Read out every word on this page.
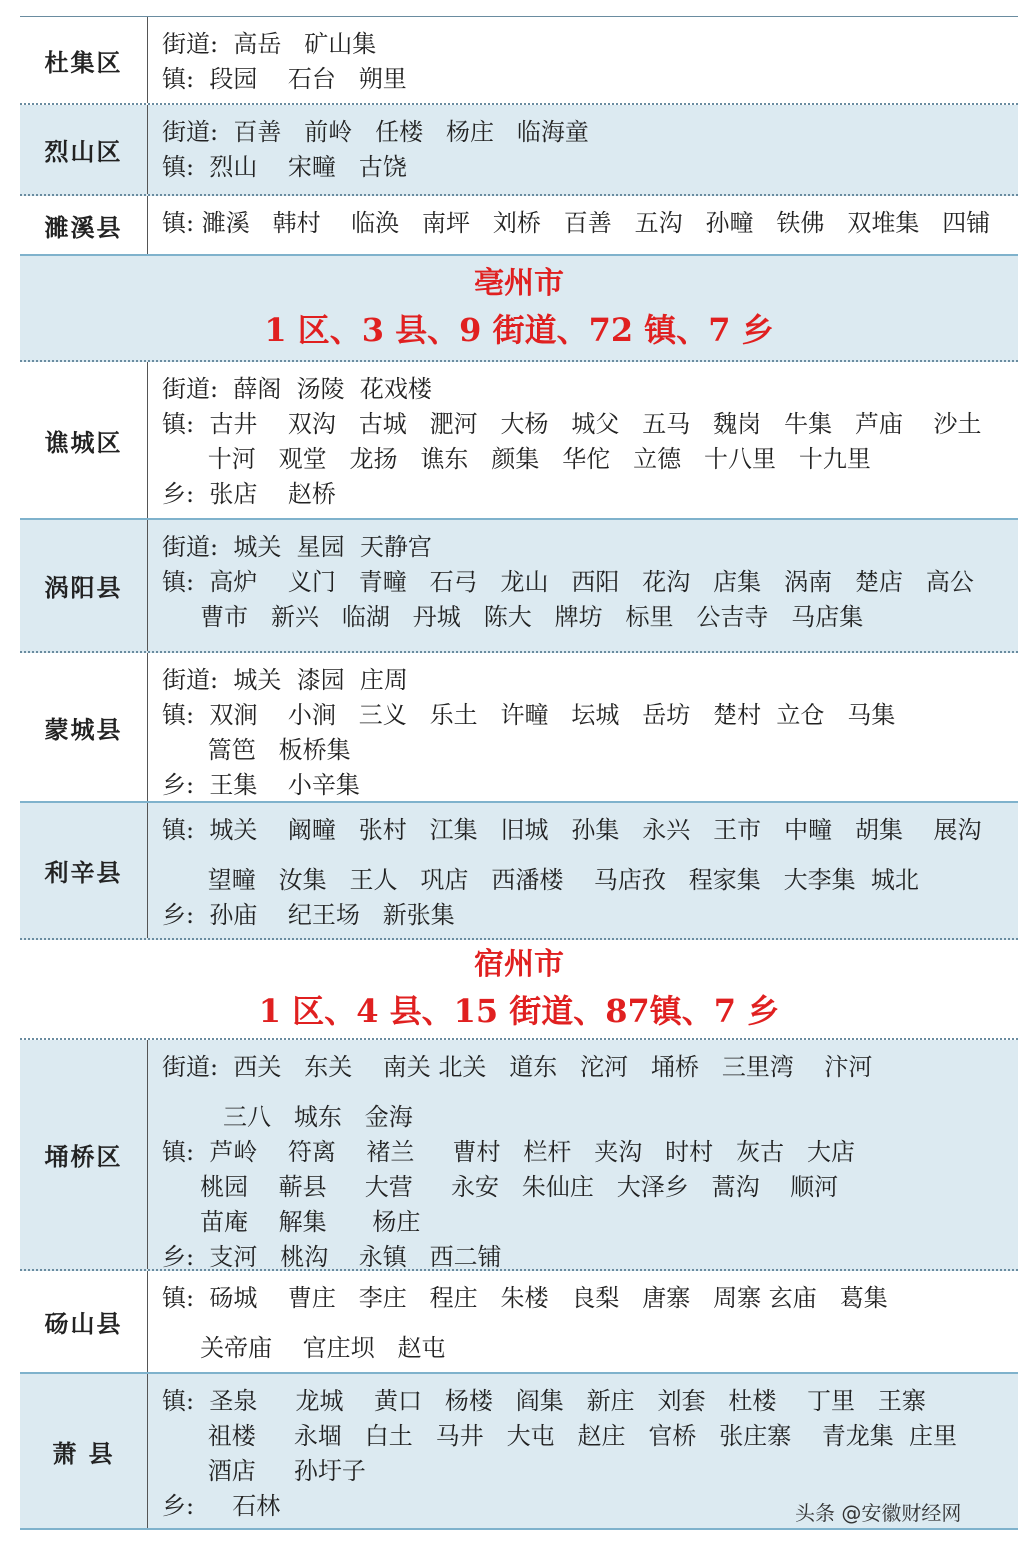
杜集区
街道:  高岳   矿山集
镇:  段园    石台   朔里
烈山区
街道:  百善   前岭   任楼   杨庄   临海童
镇:  烈山    宋疃   古饶
濉溪县	镇: 濉溪   韩村    临涣   南坪   刘桥   百善   五沟   孙疃   铁佛   双堆集   四铺
亳州市
1 区、3 县、9 街道、72 镇、7 乡
谯城区
街道:  薛阁  汤陵  花戏楼
镇:  古井    双沟   古城   淝河   大杨   城父   五马   魏岗   牛集   芦庙    沙土
十河   观堂   龙扬   谯东   颜集   华佗   立德   十八里   十九里
乡:  张店    赵桥
涡阳县
街道:  城关  星园  天静宫
镇:  高炉    义门   青疃   石弓   龙山   西阳   花沟   店集   涡南   楚店   高公
曹市   新兴   临湖   丹城   陈大   牌坊   标里   公吉寺   马店集
蒙城县
街道:  城关  漆园  庄周
镇:  双涧    小涧   三义   乐土   许疃   坛城   岳坊   楚村  立仓   马集
篙笆   板桥集
乡:  王集    小辛集
利辛县
镇:  城关    阚疃   张村   江集   旧城   孙集   永兴   王市   中疃   胡集    展沟
望疃   汝集   王人   巩店   西潘楼    马店孜   程家集   大李集  城北
乡:  孙庙    纪王场   新张集
宿州市
1 区、4 县、15 街道、87镇、7 乡
埇桥区
街道:  西关   东关    南关 北关   道东   沱河   埇桥   三里湾    汴河
三八   城东   金海
镇:  芦岭    符离    褚兰     曹村   栏杆   夹沟   时村   灰古   大店
桃园    蕲县     大营     永安   朱仙庄   大泽乡   蒿沟    顺河
苗庵    解集      杨庄
乡:  支河   桃沟    永镇   西二铺
砀山县
镇:  砀城    曹庄   李庄   程庄   朱楼   良梨   唐寨   周寨 玄庙   葛集
关帝庙    官庄坝   赵屯
萧 县
镇:  圣泉     龙城    黄口   杨楼   阎集   新庄   刘套   杜楼    丁里   王寨
祖楼     永堌   白土   马井   大屯   赵庄   官桥   张庄寨    青龙集  庄里
酒店     孙圩子
乡:     石林	头条 @安徽财经网
